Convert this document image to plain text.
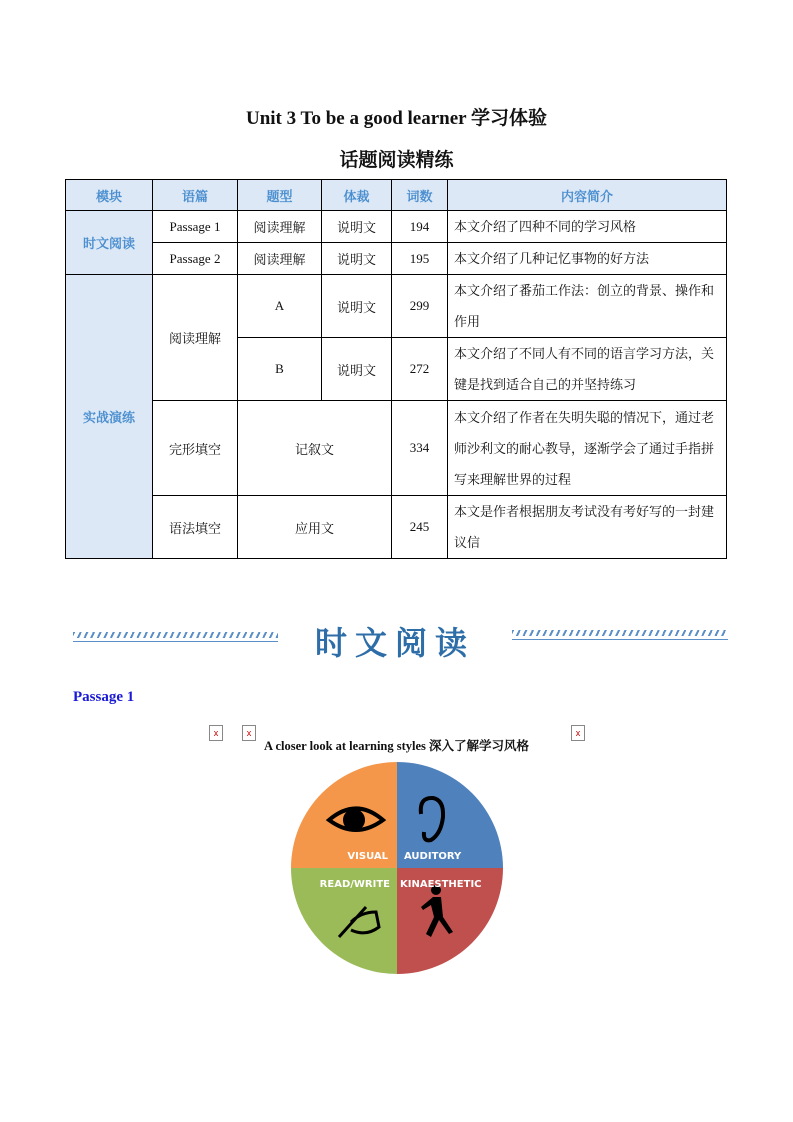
Unit 3 To be a good learner 学习体验
话题阅读精练
模块	语篇	题型	体裁	词数	内容简介
时文阅读	Passage 1	阅读理解	说明文	194	本文介绍了四种不同的学习风格
	Passage 2	阅读理解	说明文	195	本文介绍了几种记忆事物的好方法
实战演练	阅读理解	A	说明文	299	本文介绍了番茄工作法：创立的背景、操作和作用
		B	说明文	272	本文介绍了不同人有不同的语言学习方法，关键是找到适合自己的并坚持练习
	完形填空	记叙文		334	本文介绍了作者在失明失聪的情况下，通过老师沙利文的耐心教导，逐渐学会了通过手指拼写来理解世界的过程
	语法填空	应用文		245	本文是作者根据朋友考试没有考好写的一封建议信
时文阅读
Passage 1
x	x
A closer look at learning styles 深入了解学习风格
x
VISUAL AUDITORY
READ/WRITE KINAESTHETIC
